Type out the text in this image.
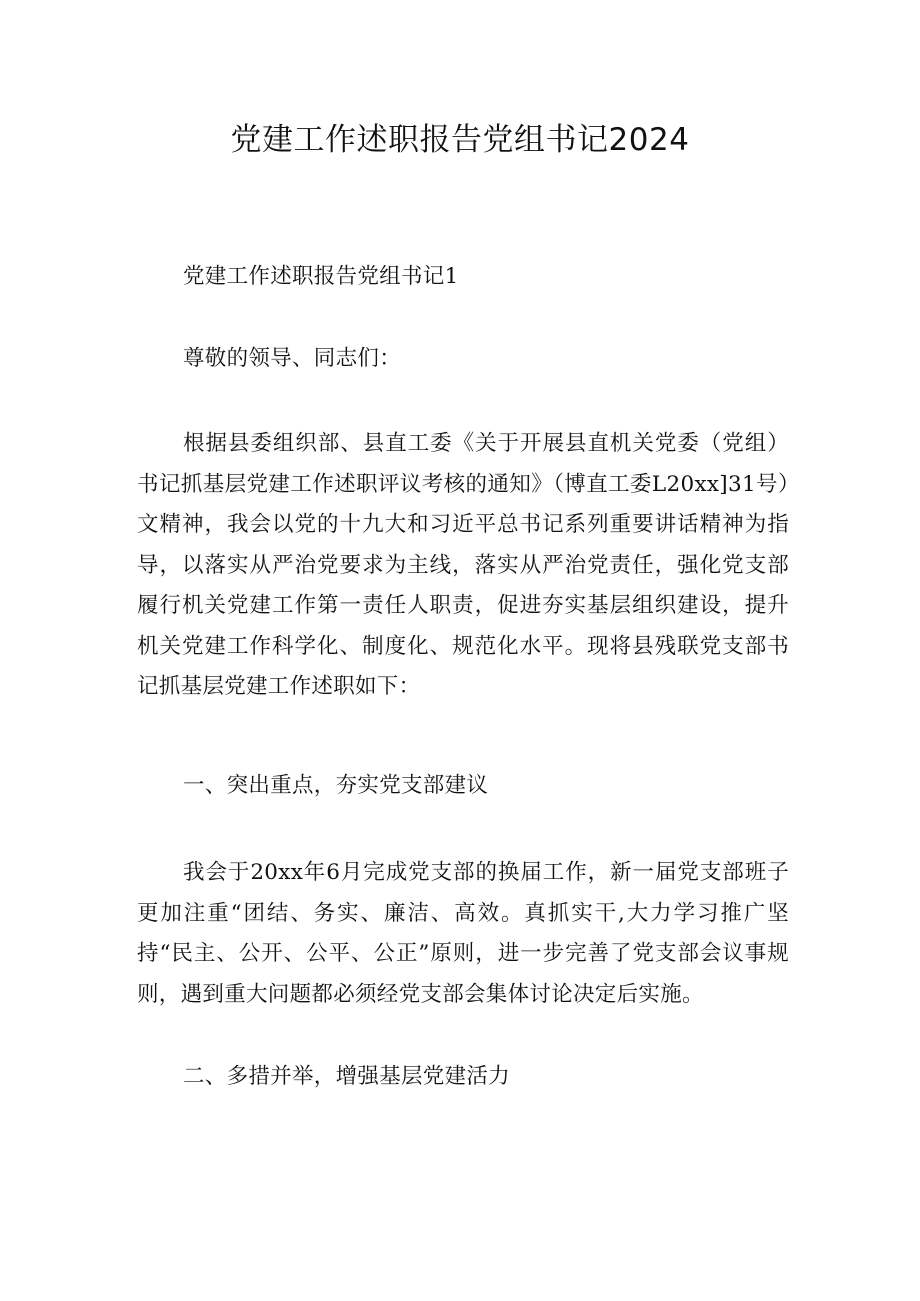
党建工作述职报告党组书记2024

党建工作述职报告党组书记1

尊敬的领导、同志们：

根据县委组织部、县直工委《关于开展县直机关党委（党组）书记抓基层党建工作述职评议考核的通知》（博直工委L20xx]31号）文精神，我会以党的十九大和习近平总书记系列重要讲话精神为指导，以落实从严治党要求为主线，落实从严治党责任，强化党支部履行机关党建工作第一责任人职责，促进夯实基层组织建设，提升机关党建工作科学化、制度化、规范化水平。现将县残联党支部书记抓基层党建工作述职如下：

一、突出重点，夯实党支部建议

我会于20xx年6月完成党支部的换届工作，新一届党支部班子更加注重“团结、务实、廉洁、高效。真抓实干,大力学习推广坚持“民主、公开、公平、公正”原则，进一步完善了党支部会议事规则，遇到重大问题都必须经党支部会集体讨论决定后实施。

二、多措并举，增强基层党建活力
